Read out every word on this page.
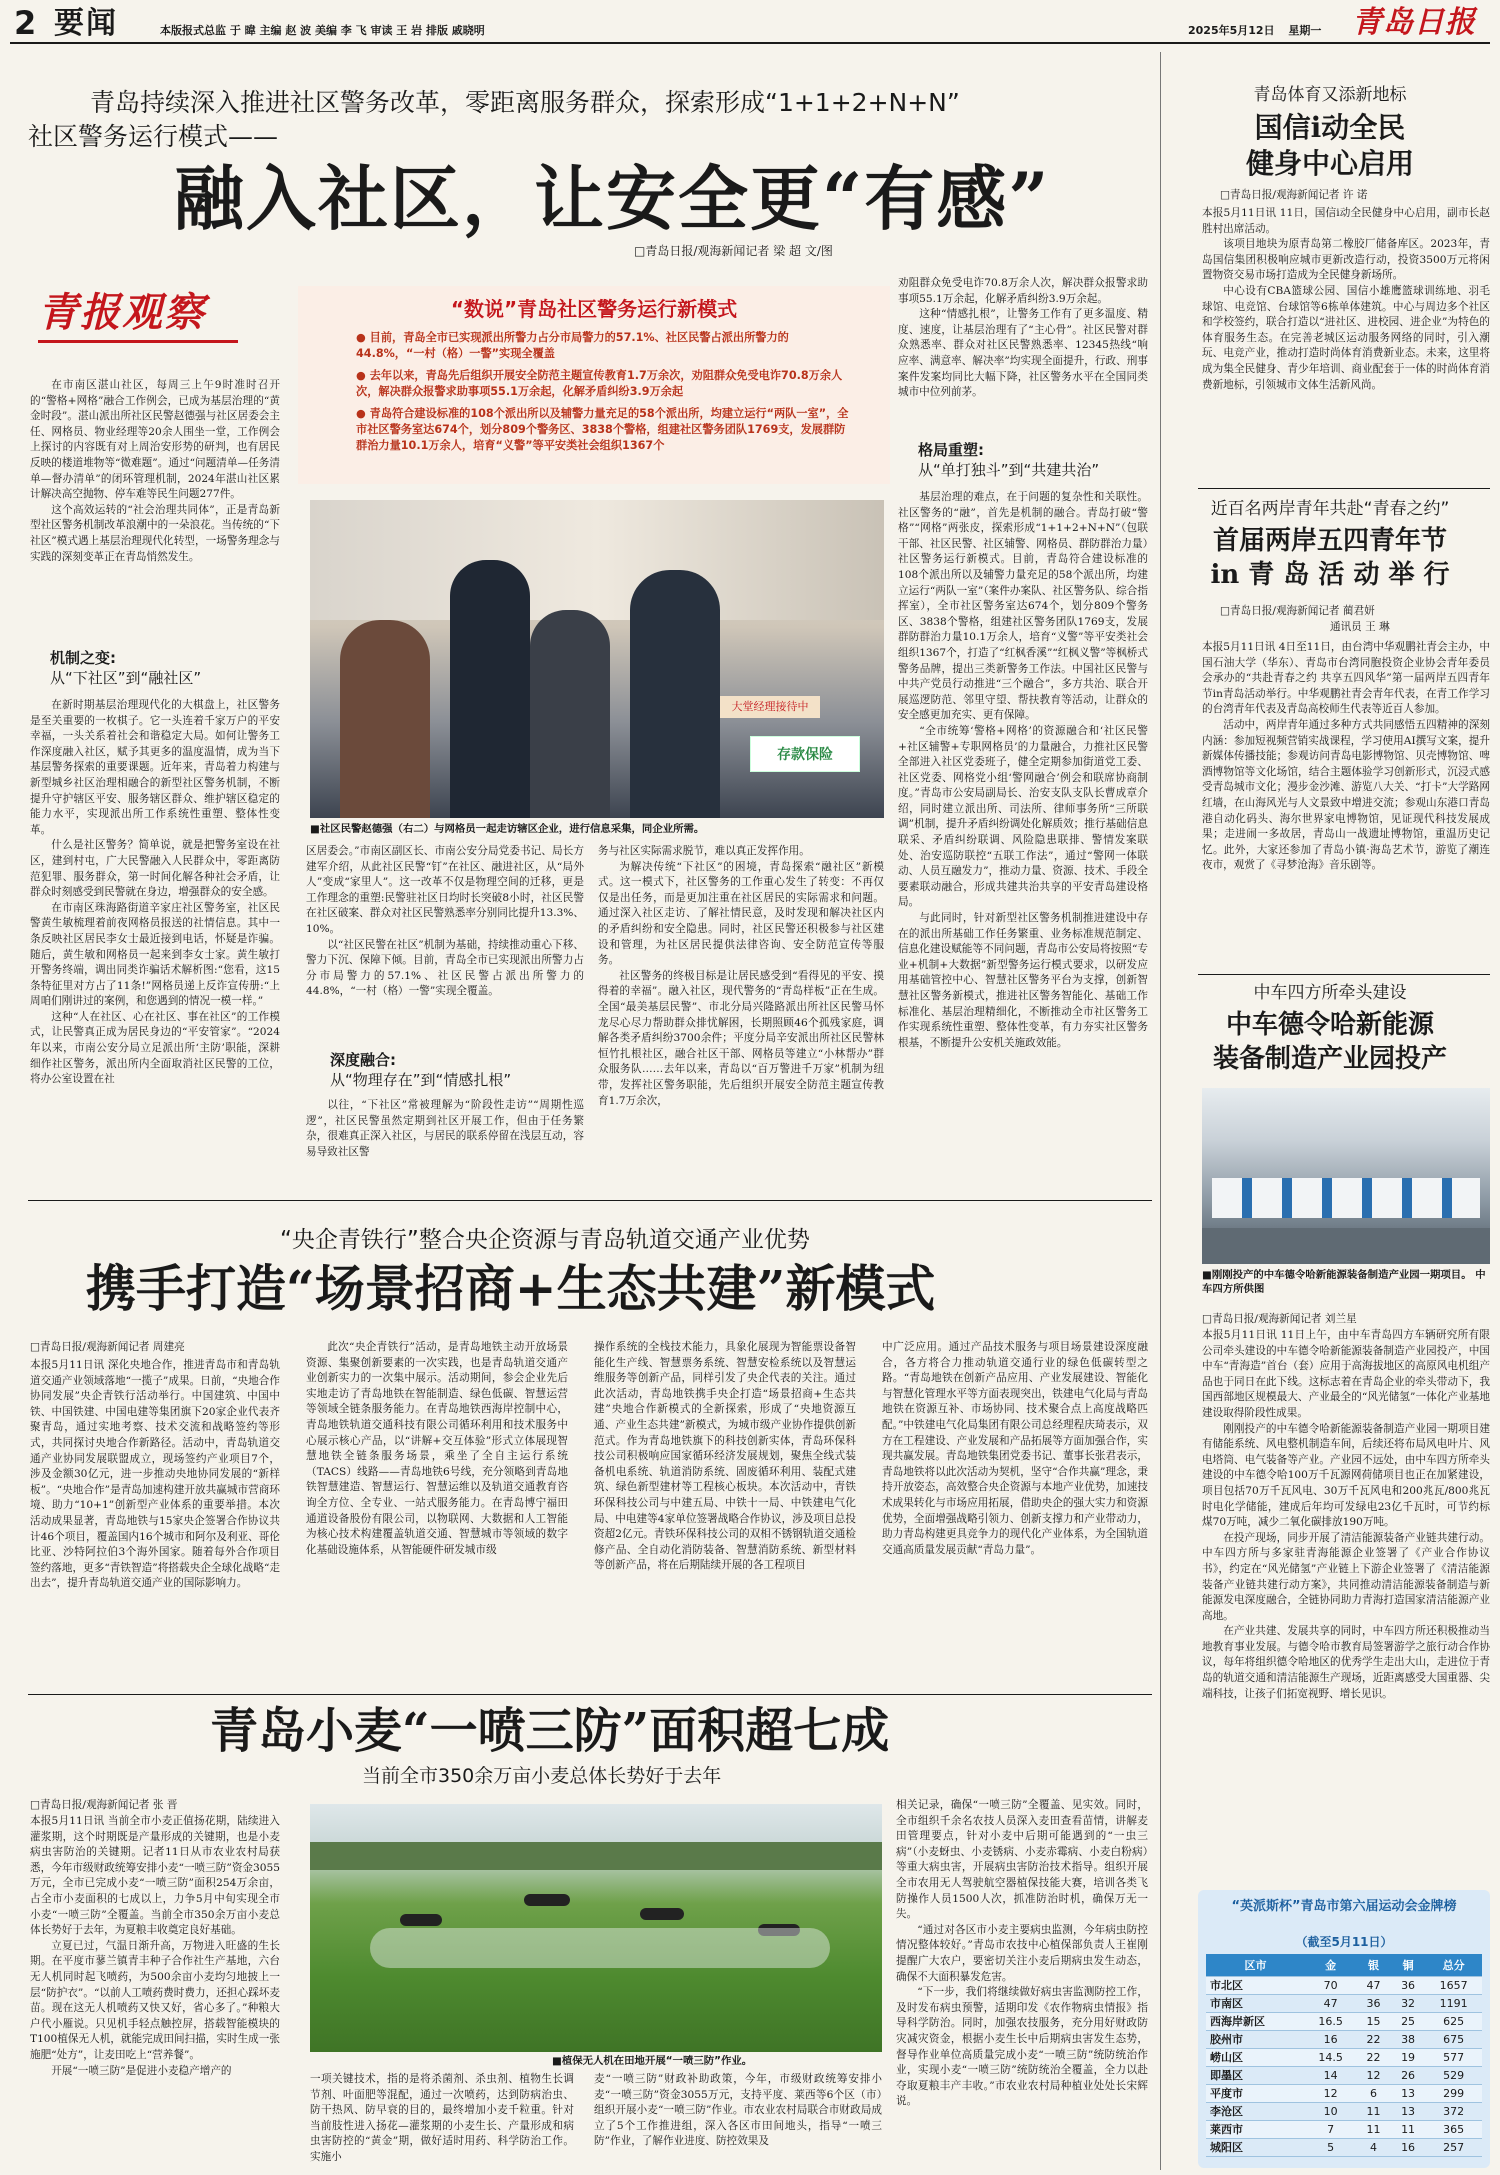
2 要闻	本版报式总监 于 暐 主编 赵 波 美编 李 飞 审读 王 岩 排版 戚晓明	2025年5月12日 星期一 青岛日报
青岛持续深入推进社区警务改革，零距离服务群众，探索形成“1+1+2+N+N”
社区警务运行模式——
融入社区，让安全更“有感”
□青岛日报/观海新闻记者 梁 超 文/图
青报观察

在市南区湛山社区，每周三上午9时准时召开的“警格+网格”融合工作例会，已成为基层治理的“黄金时段”。湛山派出所社区民警赵德强与社区居委会主任、网格员、物业经理等20余人围坐一堂，工作例会上探讨的内容既有对上周治安形势的研判，也有居民反映的楼道堆物等“微难题”。通过“问题清单—任务清单—督办清单”的闭环管理机制，2024年湛山社区累计解决高空抛物、停车难等民生问题277件。

这个高效运转的“社会治理共同体”，正是青岛新型社区警务机制改革浪潮中的一朵浪花。当传统的“下社区”模式遇上基层治理现代化转型，一场警务理念与实践的深刻变革正在青岛悄然发生。

机制之变:
从“下社区”到“融社区”

在新时期基层治理现代化的大棋盘上，社区警务是至关重要的一枚棋子。它一头连着千家万户的平安幸福，一头关系着社会和谐稳定大局。如何让警务工作深度融入社区，赋予其更多的温度温情，成为当下基层警务探索的重要课题。近年来，青岛着力构建与新型城乡社区治理相融合的新型社区警务机制，不断提升守护辖区平安、服务辖区群众、维护辖区稳定的能力水平，实现派出所工作系统性重塑、整体性变革。

什么是社区警务？简单说，就是把警务室设在社区，建到村屯，广大民警融入人民群众中，零距离防范犯罪、服务群众，第一时间化解各种社会矛盾，让群众时刻感受到民警就在身边，增强群众的安全感。

在市南区珠海路街道辛家庄社区警务室，社区民警黄生敏梳理着前夜网格员报送的社情信息。其中一条反映社区居民李女士最近接到电话，怀疑是诈骗。随后，黄生敏和网格员一起来到李女士家。黄生敏打开警务终端，调出同类诈骗话术解析图:“您看，这15条特征里对方占了11条!”网格员递上反诈宣传册:“上周咱们刚讲过的案例，和您遇到的情况一模一样。”

这种“人在社区、心在社区、事在社区”的工作模式，让民警真正成为居民身边的“平安管家”。“2024年以来，市南公安分局立足派出所‘主防’职能，深耕细作社区警务，派出所内全面取消社区民警的工位，将办公室设置在社

“数说”青岛社区警务运行新模式
● 目前，青岛全市已实现派出所警力占分市局警力的57.1%、社区民警占派出所警力的44.8%，“一村（格）一警”实现全覆盖
● 去年以来，青岛先后组织开展安全防范主题宣传教育1.7万余次，劝阻群众免受电诈70.8万余人次，解决群众报警求助事项55.1万余起，化解矛盾纠纷3.9万余起
● 青岛符合建设标准的108个派出所以及辅警力量充足的58个派出所，均建立运行“两队一室”，全市社区警务室达674个，划分809个警务区、3838个警格，组建社区警务团队1769支，发展群防群治力量10.1万余人，培育“义警”等平安类社会组织1367个

劝阻群众免受电诈70.8万余人次，解决群众报警求助事项55.1万余起，化解矛盾纠纷3.9万余起。

这种“情感扎根”，让警务工作有了更多温度、精度、速度，让基层治理有了“主心骨”。社区民警对群众熟悉率、群众对社区民警熟悉率、12345热线“响应率、满意率、解决率”均实现全面提升，行政、刑事案件发案均同比大幅下降，社区警务水平在全国同类城市中位列前茅。

格局重塑:
从“单打独斗”到“共建共治”

基层治理的难点，在于问题的复杂性和关联性。社区警务的“融”，首先是机制的融合。青岛打破“警格”“网格”两张皮，探索形成“1+1+2+N+N”（包联干部、社区民警、社区辅警、网格员、群防群治力量）社区警务运行新模式。目前，青岛符合建设标准的108个派出所以及辅警力量充足的58个派出所，均建立运行“两队一室”（案件办案队、社区警务队、综合指挥室），全市社区警务室达674个，划分809个警务区、3838个警格，组建社区警务团队1769支，发展群防群治力量10.1万余人，培育“义警”等平安类社会组织1367个，打造了“红枫香溪”“红枫义警”等枫桥式警务品牌，提出三类新警务工作法。中国社区民警与中共产党员行动推进“三个融合”，多方共治、联合开展巡逻防范、邻里守望、帮扶教育等活动，让群众的安全感更加充实、更有保障。

“全市统筹‘警格+网格’的资源融合和‘社区民警+社区辅警+专职网格员’的力量融合，力推社区民警全部进入社区党委班子，健全定期参加街道党工委、社区党委、网格党小组‘警网融合’例会和联席协商制度。”青岛市公安局副局长、治安支队支队长曹成章介绍，同时建立派出所、司法所、律师事务所“三所联调”机制，提升矛盾纠纷调处化解质效；推行基础信息联采、矛盾纠纷联调、风险隐患联排、警情发案联处、治安巡防联控“五联工作法”，通过“警网一体联动、人员互融发力”，推动力量、资源、技术、手段全要素联动融合，形成共建共治共享的平安青岛建设格局。

与此同时，针对新型社区警务机制推进建设中存在的派出所基础工作任务繁重、业务标准规范制定、信息化建设赋能等不同问题，青岛市公安局将按照“专业+机制+大数据”新型警务运行模式要求，以研发应用基础管控中心、智慧社区警务平台为支撑，创新智慧社区警务新模式，推进社区警务智能化、基础工作标准化、基层治理精细化，不断推动全市社区警务工作实现系统性重塑、整体性变革，有力夯实社区警务根基，不断提升公安机关施政效能。

存款保险
大堂经理接待中
■社区民警赵德强（右二）与网格员一起走访辖区企业，进行信息采集，同企业所需。

区居委会。”市南区副区长、市南公安分局党委书记、局长方建军介绍，从此社区民警“钉”在社区、融进社区，从“局外人”变成“家里人”。这一改革不仅是物理空间的迁移，更是工作理念的重塑:民警驻社区日均时长突破8小时，社区民警在社区破案、群众对社区民警熟悉率分别同比提升13.3%、10%。

以“社区民警在社区”机制为基础，持续推动重心下移、警力下沉、保障下倾。目前，青岛全市已实现派出所警力占分市局警力的57.1%、社区民警占派出所警力的44.8%，“一村（格）一警”实现全覆盖。

深度融合:
从“物理存在”到“情感扎根”

以往，“下社区”常被理解为“阶段性走访”“周期性巡逻”，社区民警虽然定期到社区开展工作，但由于任务繁杂，很难真正深入社区，与居民的联系停留在浅层互动，容易导致社区警

务与社区实际需求脱节，难以真正发挥作用。

为解决传统“下社区”的困境，青岛探索“融社区”新模式。这一模式下，社区警务的工作重心发生了转变：不再仅仅是出任务，而是更加注重在社区居民的实际需求和问题。通过深入社区走访、了解社情民意，及时发现和解决社区内的矛盾纠纷和安全隐患。同时，社区民警还积极参与社区建设和管理，为社区居民提供法律咨询、安全防范宣传等服务。

社区警务的终极目标是让居民感受到“看得见的平安、摸得着的幸福”。融入社区，现代警务的“青岛样板”正在生成。全国“最美基层民警”、市北分局兴隆路派出所社区民警马怀龙尽心尽力帮助群众排忧解困，长期照顾46个孤残家庭，调解各类矛盾纠纷3700余件；平度分局辛安派出所社区民警林恒竹扎根社区，融合社区干部、网格员等建立“小林帮办”群众服务队……去年以来，青岛以“百万警进千万家”机制为纽带，发挥社区警务职能，先后组织开展安全防范主题宣传教育1.7万余次，

“央企青铁行”整合央企资源与青岛轨道交通产业优势
携手打造“场景招商+生态共建”新模式
□青岛日报/观海新闻记者 周建亮

本报5月11日讯 深化央地合作，推进青岛市和青岛轨道交通产业领域落地“一揽子”成果。日前，“央地合作 协同发展”央企青铁行活动举行。中国建筑、中国中铁、中国铁建、中国电建等集团旗下20家企业代表齐聚青岛，通过实地考察、技术交流和战略签约等形式，共同探讨央地合作新路径。活动中，青岛轨道交通产业协同发展联盟成立，现场签约产业项目7个，涉及金额30亿元，进一步推动央地协同发展的“新样板”。“央地合作”是青岛加速构建开放共赢城市营商环境、助力“10+1”创新型产业体系的重要举措。本次活动成果显著，青岛地铁与15家央企签署合作协议共计46个项目，覆盖国内16个城市和阿尔及利亚、哥伦比亚、沙特阿拉伯3个海外国家。随着每外合作项目签约落地，更多“青铁智造”将搭载央企全球化战略“走出去”，提升青岛轨道交通产业的国际影响力。

此次“央企青铁行”活动，是青岛地铁主动开放场景资源、集聚创新要素的一次实践，也是青岛轨道交通产业创新实力的一次集中展示。活动期间，参会企业先后实地走访了青岛地铁在智能制造、绿色低碳、智慧运营等领域全链条服务能力。在青岛地铁西海岸控制中心，青岛地铁轨道交通科技有限公司循环利用和技术服务中心展示核心产品，以“讲解+交互体验”形式立体展现智慧地铁全链条服务场景，乘坐了全自主运行系统（TACS）线路——青岛地铁6号线，充分领略到青岛地铁智慧建造、智慧运行、智慧运维以及轨道交通教育咨询全方位、全专业、一站式服务能力。在青岛博宁福田通道设备股份有限公司，以物联网、大数据和人工智能为核心技术构建覆盖轨道交通、智慧城市等领域的数字化基础设施体系，从智能硬件研发城市级

操作系统的全栈技术能力，具象化展现为智能票设备智能化生产线、智慧票务系统、智慧安检系统以及智慧运维服务等创新产品，同样引发了央企代表的关注。通过此次活动，青岛地铁携手央企打造“场景招商+生态共建”央地合作新模式的全新探索，形成了“央地资源互通、产业生态共建”新模式，为城市级产业协作提供创新范式。作为青岛地铁旗下的科技创新实体，青岛环保科技公司积极响应国家循环经济发展规划，聚焦全线式装备机电系统、轨道消防系统、固废循环利用、装配式建筑、绿色新型建材等工程核心板块。本次活动中，青铁环保科技公司与中建五局、中铁十一局、中铁建电气化局、中电建等4家单位签署战略合作协议，涉及项目总投资超2亿元。青铁环保科技公司的双相不锈钢轨道交通检修产品、全自动化消防装备、智慧消防系统、新型材料等创新产品，将在后期陆续开展的各工程项目

中广泛应用。通过产品技术服务与项目场景建设深度融合，各方将合力推动轨道交通行业的绿色低碳转型之路。“青岛地铁在创新产品应用、产业发展建设、智能化与智慧化管理水平等方面表现突出，铁建电气化局与青岛地铁在资源互补、市场协同、技术聚合点上高度战略匹配。”中铁建电气化局集团有限公司总经理程庆琦表示，双方在工程建设、产业发展和产品拓展等方面加强合作，实现共赢发展。青岛地铁集团党委书记、董事长张君表示，青岛地铁将以此次活动为契机，坚守“合作共赢”理念，秉持开放姿态，高效整合央企资源与本地产业优势，加速技术成果转化与市场应用拓展，借助央企的强大实力和资源优势，全面增强战略引领力、创新支撑力和产业带动力，助力青岛构建更具竞争力的现代化产业体系，为全国轨道交通高质量发展贡献“青岛力量”。

青岛小麦“一喷三防”面积超七成
当前全市350余万亩小麦总体长势好于去年
□青岛日报/观海新闻记者 张 晋

本报5月11日讯 当前全市小麦正值扬花期，陆续进入灌浆期，这个时期既是产量形成的关键期，也是小麦病虫害防治的关键期。记者11日从市农业农村局获悉，今年市级财政统筹安排小麦“一喷三防”资金3055万元，全市已完成小麦“一喷三防”面积254万余亩，占全市小麦面积的七成以上，力争5月中旬实现全市小麦“一喷三防”全覆盖。当前全市350余万亩小麦总体长势好于去年，为夏粮丰收奠定良好基础。

立夏已过，气温日渐升高，万物进入旺盛的生长期。在平度市蓼兰镇青丰种子合作社生产基地，六台无人机同时起飞喷药，为500余亩小麦均匀地披上一层“防护衣”。“以前人工喷药费时费力，还担心踩坏麦苗。现在这无人机喷药又快又好，省心多了。”种粮大户代小雁说。只见机手轻点触控屏，搭载智能模块的T100植保无人机，就能完成田间扫描，实时生成一张施肥“处方”，让麦田吃上“营养餐”。

开展“一喷三防”是促进小麦稳产增产的

■植保无人机在田地开展“一喷三防”作业。

一项关键技术，指的是将杀菌剂、杀虫剂、植物生长调节剂、叶面肥等混配，通过一次喷药，达到防病治虫、防干热风、防早衰的目的，最终增加小麦千粒重。针对当前肢性进入扬花—灌浆期的小麦生长、产量形成和病虫害防控的“黄金”期，做好适时用药、科学防治工作。实施小

麦“一喷三防”财政补助政策，今年，市级财政统筹安排小麦“一喷三防”资金3055万元，支持平度、莱西等6个区（市）组织开展小麦“一喷三防”作业。市农业农村局联合市财政局成立了5个工作推进组，深入各区市田间地头，指导“一喷三防”作业，了解作业进度、防控效果及

相关记录，确保“一喷三防”全覆盖、见实效。同时，全市组织千余名农技人员深入麦田查看苗情，讲解麦田管理要点，针对小麦中后期可能遇到的“一虫三病”（小麦蚜虫、小麦锈病、小麦赤霉病、小麦白粉病）等重大病虫害，开展病虫害防治技术指导。组织开展全市农用无人驾驶航空器植保技能大赛，培训各类飞防操作人员1500人次，抓准防治时机，确保万无一失。

“通过对各区市小麦主要病虫监测，今年病虫防控情况整体较好。”青岛市农技中心植保部负责人王崔刚提醒广大农户，要密切关注小麦后期病虫发生动态，确保不大面积暴发危害。

“下一步，我们将继续做好病虫害监测防控工作，及时发布病虫预警，适期印发《农作物病虫情报》指导科学防治。同时，加强农技服务，充分用好财政防灾减灾资金，根据小麦生长中后期病虫害发生态势，督导作业单位高质量完成小麦“一喷三防”统防统治作业，实现小麦“一喷三防”统防统治全覆盖，全力以赴夺取夏粮丰产丰收。”市农业农村局种植业处处长宋辉说。

青岛体育又添新地标
国信i动全民
健身中心启用
□青岛日报/观海新闻记者 许 诺

本报5月11日讯 11日，国信i动全民健身中心启用，副市长赵胜村出席活动。

该项目地块为原青岛第二橡胶厂储备库区。2023年，青岛国信集团积极响应城市更新改造行动，投资3500万元将闲置物资交易市场打造成为全民健身新场所。

中心设有CBA篮球公园、国信小雄鹰篮球训练地、羽毛球馆、电竞馆、台球馆等6栋单体建筑。中心与周边多个社区和学校签约，联合打造以“进社区、进校园、进企业”为特色的体育服务生态。在完善老城区运动服务网络的同时，引入潮玩、电竞产业，推动打造时尚体育消费新业态。未来，这里将成为集全民健身、青少年培训、商业配套于一体的时尚体育消费新地标，引领城市文体生活新风尚。

近百名两岸青年共赴“青春之约”
首届两岸五四青年节
in 青 岛 活 动 举 行
□青岛日报/观海新闻记者 蔺君妍
通讯员 王 琳

本报5月11日讯 4日至11日，由台湾中华观鹏社青会主办，中国石油大学（华东）、青岛市台湾同胞投资企业协会青年委员会承办的“共赴青春之约 共享五四风华”第一届两岸五四青年节in青岛活动举行。中华观鹏社青会青年代表，在青工作学习的台湾青年代表及青岛高校师生代表等近百人参加。

活动中，两岸青年通过多种方式共同感悟五四精神的深刻内涵：参加短视频营销实战课程，学习使用AI撰写文案，提升新媒体传播技能；参观访问青岛电影博物馆、贝壳博物馆、啤酒博物馆等文化场馆，结合主题体验学习创新形式，沉浸式感受青岛城市文化；漫步金沙滩、游览八大关、“打卡”大学路网红墙，在山海风光与人文景致中增进交流；参观山东港口青岛港自动化码头、海尔世界家电博物馆，见证现代科技发展成果；走进闹一多故居，青岛山一战遗址博物馆，重温历史记忆。此外，大家还参加了青岛小镇·海岛艺术节，游览了潮连夜市，观赏了《寻梦沧海》音乐剧等。

中车四方所牵头建设
中车德令哈新能源
装备制造产业园投产
■刚刚投产的中车德令哈新能源装备制造产业园一期项目。 中车四方所供图
□青岛日报/观海新闻记者 刘兰星

本报5月11日讯 11日上午，由中车青岛四方车辆研究所有限公司牵头建设的中车德令哈新能源装备制造产业园投产，中国中车“青海造”首台（套）应用于高海拔地区的高原风电机组产品也于同日在此下线。这标志着在青岛企业的牵头带动下，我国西部地区规模最大、产业最全的“风光储氢”一体化产业基地建设取得阶段性成果。

刚刚投产的中车德令哈新能源装备制造产业园一期项目建有储能系统、风电整机制造车间，后续还将布局风电叶片、风电塔筒、电气装备等产业。产业园不远处，由中车四方所牵头建设的中车德令哈100万千瓦源网荷储项目也正在加紧建设，项目包括70万千瓦风电、30万千瓦风电和200兆瓦/800兆瓦时电化学储能，建成后年均可发绿电23亿千瓦时，可节约标煤70万吨，减少二氧化碳排放190万吨。

在投产现场，同步开展了清洁能源装备产业链共建行动。中车四方所与多家驻青海能源企业签署了《产业合作协议书》，约定在“风光储氢”产业链上下游企业签署了《清洁能源装备产业链共建行动方案》，共同推动清洁能源装备制造与新能源发电深度融合，全链协同助力青海打造国家清洁能源产业高地。

在产业共建、发展共享的同时，中车四方所还积极推动当地教育事业发展。与德令哈市教育局签署游学之旅行动合作协议，每年将组织德令哈地区的优秀学生走出大山，走进位于青岛的轨道交通和清洁能源生产现场，近距离感受大国重器、尖端科技，让孩子们拓宽视野、增长见识。

“英派斯杯”青岛市第六届运动会金牌榜
（截至5月11日）
区市	金	银	铜	总分
市北区	70	47	36	1657
市南区	47	36	32	1191
西海岸新区	16.5	15	25	625
胶州市	16	22	38	675
崂山区	14.5	22	19	577
即墨区	14	12	26	529
平度市	12	6	13	299
李沧区	10	11	13	372
莱西市	7	11	11	365
城阳区	5	4	16	257
